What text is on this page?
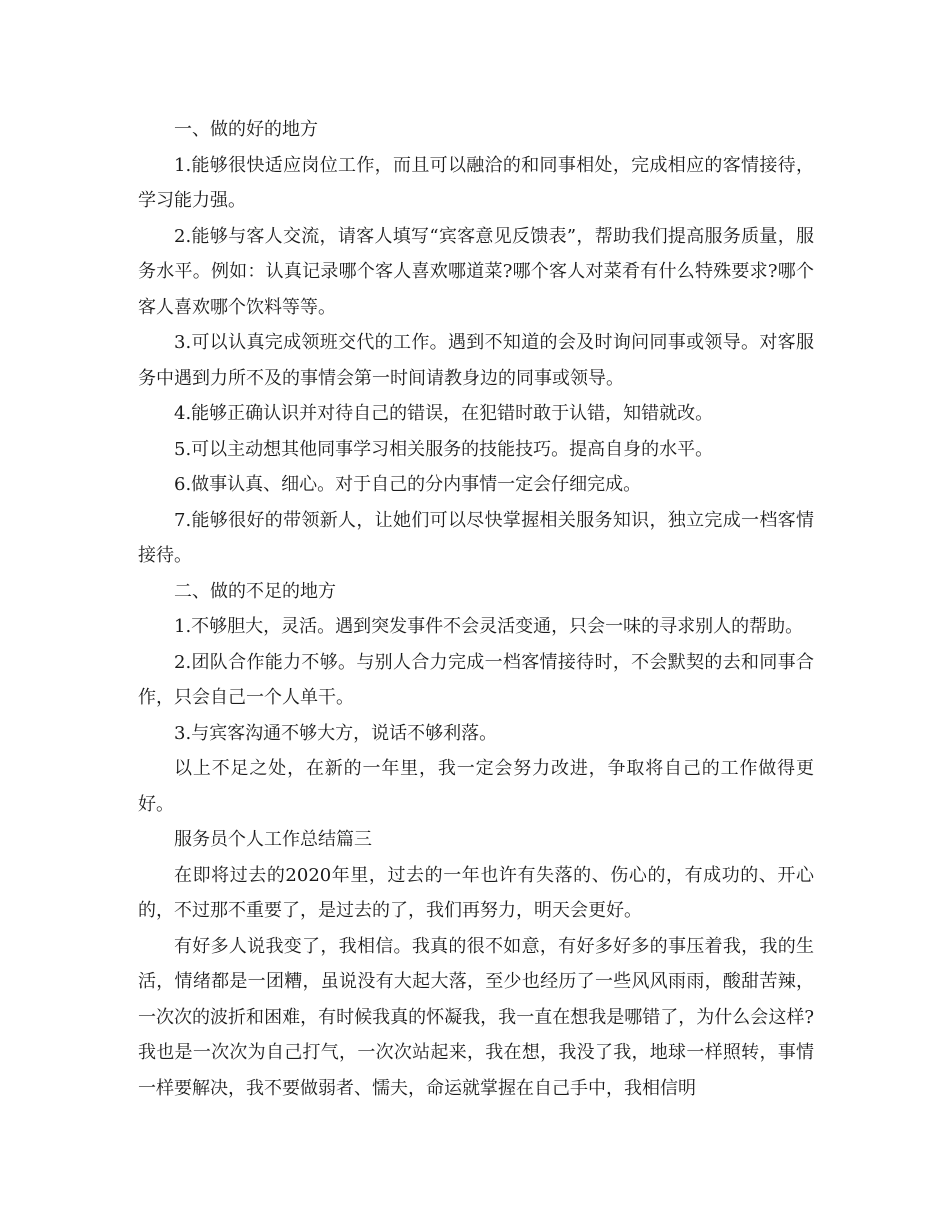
一、做的好的地方

1.能够很快适应岗位工作，而且可以融洽的和同事相处，完成相应的客情接待，学习能力强。

2.能够与客人交流，请客人填写“宾客意见反馈表”，帮助我们提高服务质量，服务水平。例如：认真记录哪个客人喜欢哪道菜?哪个客人对菜肴有什么特殊要求?哪个客人喜欢哪个饮料等等。

3.可以认真完成领班交代的工作。遇到不知道的会及时询问同事或领导。对客服务中遇到力所不及的事情会第一时间请教身边的同事或领导。

4.能够正确认识并对待自己的错误，在犯错时敢于认错，知错就改。

5.可以主动想其他同事学习相关服务的技能技巧。提高自身的水平。

6.做事认真、细心。对于自己的分内事情一定会仔细完成。

7.能够很好的带领新人，让她们可以尽快掌握相关服务知识，独立完成一档客情接待。

二、做的不足的地方

1.不够胆大，灵活。遇到突发事件不会灵活变通，只会一味的寻求别人的帮助。

2.团队合作能力不够。与别人合力完成一档客情接待时，不会默契的去和同事合作，只会自己一个人单干。

3.与宾客沟通不够大方，说话不够利落。

以上不足之处，在新的一年里，我一定会努力改进，争取将自己的工作做得更好。

服务员个人工作总结篇三

在即将过去的2020年里，过去的一年也许有失落的、伤心的，有成功的、开心的，不过那不重要了，是过去的了，我们再努力，明天会更好。

有好多人说我变了，我相信。我真的很不如意，有好多好多的事压着我，我的生活，情绪都是一团糟，虽说没有大起大落，至少也经历了一些风风雨雨，酸甜苦辣，一次次的波折和困难，有时候我真的怀凝我，我一直在想我是哪错了，为什么会这样?我也是一次次为自己打气，一次次站起来，我在想，我没了我，地球一样照转，事情一样要解决，我不要做弱者、懦夫，命运就掌握在自己手中，我相信明
